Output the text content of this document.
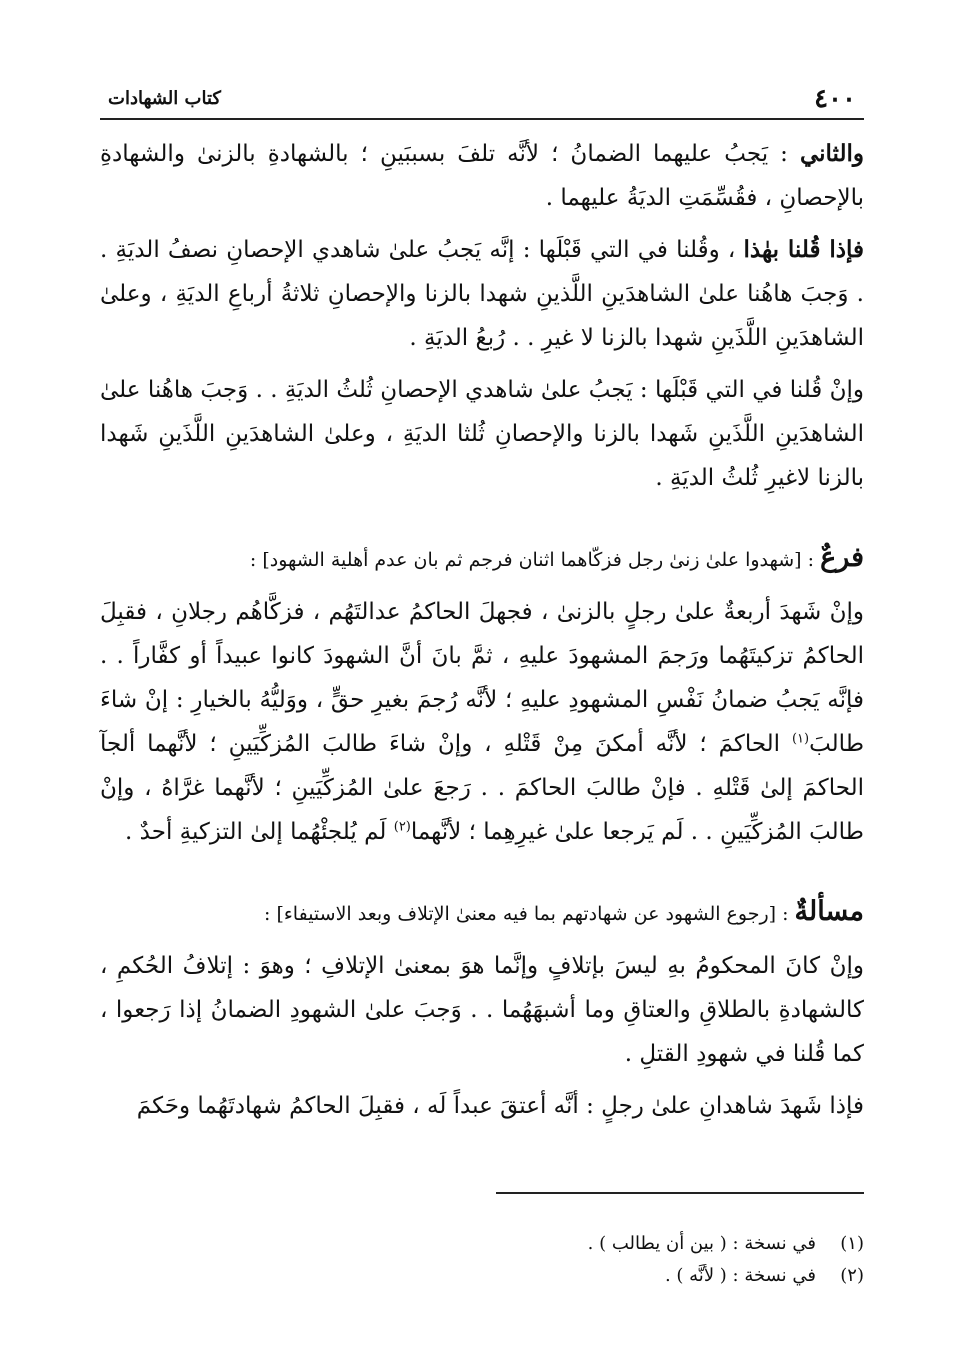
٤٠٠
كتاب الشهادات

والثاني : يَجبُ عليهما الضمانُ ؛ لأنَّه تلفَ بسببَينِ ؛ بالشهادةِ بالزنىٰ والشهادةِ بالإحصانِ ، فقُسِّمَتِ الديَةُ عليهما .

فإذا قُلنا بهٰذا ، وقُلنا في التي قَبْلَها : إنَّه يَجبُ علىٰ شاهدي الإحصانِ نصفُ الديَةِ . . وَجبَ هاهُنا علىٰ الشاهدَينِ اللَّذينِ شهدا بالزنا والإحصانِ ثلاثةُ أرباعِ الديَةِ ، وعلىٰ الشاهدَينِ اللَّذَينِ شهدا بالزنا لا غيرِ . . رُبعُ الديَةِ .

وإنْ قُلنا في التي قَبْلَها : يَجبُ علىٰ شاهدي الإحصانِ ثُلثُ الديَةِ . . وَجبَ هاهُنا علىٰ الشاهدَينِ اللَّذَينِ شَهدا بالزنا والإحصانِ ثُلثا الديَةِ ، وعلىٰ الشاهدَينِ اللَّذَينِ شَهدا بالزنا لاغيرِ ثُلثُ الديَةِ .

فرعٌ : [شهدوا علىٰ زنىٰ رجل فزكّاهما اثنان فرجم ثم بان عدم أهلية الشهود] :

وإنْ شَهدَ أربعةٌ علىٰ رجلٍ بالزنىٰ ، فجهلَ الحاكمُ عدالتَهُم ، فزكَّاهُم رجلانِ ، فقبِلَ الحاكمُ تزكيتَهُما ورَجمَ المشهودَ عليهِ ، ثمَّ بانَ أنَّ الشهودَ كانوا عبيداً أو كفَّاراً . . فإنَّه يَجبُ ضمانُ نَفْسِ المشهودِ عليهِ ؛ لأنَّه رُجمَ بغيرِ حقٍّ ، ووَليُّهُ بالخيارِ : إنْ شاءَ طالبَ$^{(١)}$ الحاكمَ ؛ لأنَّه أمكنَ مِنْ قَتْلهِ ، وإنْ شاءَ طالبَ المُزكِّيَينِ ؛ لأنَّهما ألجآ الحاكمَ إلىٰ قَتْلهِ . فإنْ طالبَ الحاكمَ . . رَجعَ علىٰ المُزكِّيَينِ ؛ لأنَّهما غرَّاهُ ، وإنْ طالبَ المُزكِّيَينِ . . لَم يَرجعا علىٰ غيرِهِما ؛ لأنَّهما$^{(٢)}$ لَم يُلجئْهُما إلىٰ التزكيةِ أحدٌ .

مسألةٌ : [رجوع الشهود عن شهادتهم بما فيه معنىٰ الإتلاف وبعد الاستيفاء] :

وإنْ كانَ المحكومُ بهِ ليسَ بإتلافٍ وإنَّما هوَ بمعنىٰ الإتلافِ ؛ وهوَ : إتلافُ الحُكمِ ، كالشهادةِ بالطلاقِ والعتاقِ وما أشبهَهُما . . وَجبَ علىٰ الشهودِ الضمانُ إذا رَجعوا ، كما قُلنا في شهودِ القتلِ .

فإذا شَهدَ شاهدانِ علىٰ رجلٍ : أنَّه أعتقَ عبداً لَه ، فقبِلَ الحاكمُ شهادتَهُما وحَكمَ

(١)
في نسخة : ( بين أن يطالب ) .
(٢)
في نسخة : ( لأنَّه ) .
